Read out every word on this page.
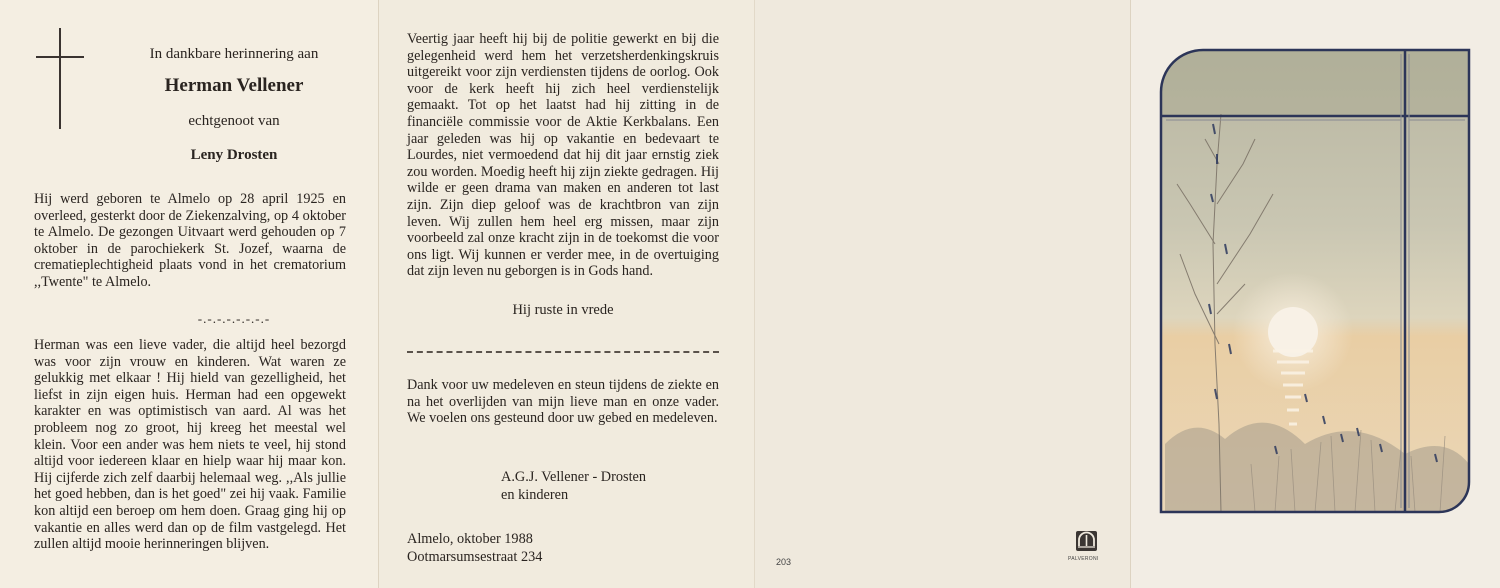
In dankbare herinnering aan
Herman Vellener
echtgenoot van
Leny Drosten
Hij werd geboren te Almelo op 28 april 1925 en overleed, gesterkt door de Ziekenzalving, op 4 oktober te Almelo. De gezongen Uitvaart werd gehouden op 7 oktober in de parochiekerk St. Jozef, waarna de crematieplechtigheid plaats vond in het crematorium ,,Twente" te Almelo.
-.-.-.-.-.-.-.-
Herman was een lieve vader, die altijd heel bezorgd was voor zijn vrouw en kinderen. Wat waren ze gelukkig met elkaar ! Hij hield van gezelligheid, het liefst in zijn eigen huis. Herman had een opgewekt karakter en was optimistisch van aard. Al was het probleem nog zo groot, hij kreeg het meestal wel klein. Voor een ander was hem niets te veel, hij stond altijd voor iedereen klaar en hielp waar hij maar kon. Hij cijferde zich zelf daarbij helemaal weg. ,,Als jullie het goed hebben, dan is het goed" zei hij vaak. Familie kon altijd een beroep om hem doen. Graag ging hij op vakantie en alles werd dan op de film vastgelegd. Het zullen altijd mooie herinneringen blijven.
Veertig jaar heeft hij bij de politie gewerkt en bij die gelegenheid werd hem het verzetsherdenkingskruis uitgereikt voor zijn verdiensten tijdens de oorlog. Ook voor de kerk heeft hij zich heel verdienstelijk gemaakt. Tot op het laatst had hij zitting in de financiële commissie voor de Aktie Kerkbalans. Een jaar geleden was hij op vakantie en bedevaart te Lourdes, niet vermoedend dat hij dit jaar ernstig ziek zou worden. Moedig heeft hij zijn ziekte gedragen. Hij wilde er geen drama van maken en anderen tot last zijn. Zijn diep geloof was de krachtbron van zijn leven. Wij zullen hem heel erg missen, maar zijn voorbeeld zal onze kracht zijn in de toekomst die voor ons ligt. Wij kunnen er verder mee, in de overtuiging dat zijn leven nu geborgen is in Gods hand.
Hij ruste in vrede
Dank voor uw medeleven en steun tijdens de ziekte en na het overlijden van mijn lieve man en onze vader. We voelen ons gesteund door uw gebed en medeleven.
A.G.J. Vellener - Drosten
en kinderen
Almelo, oktober 1988
Ootmarsumsestraat 234	203	PALVERONI
